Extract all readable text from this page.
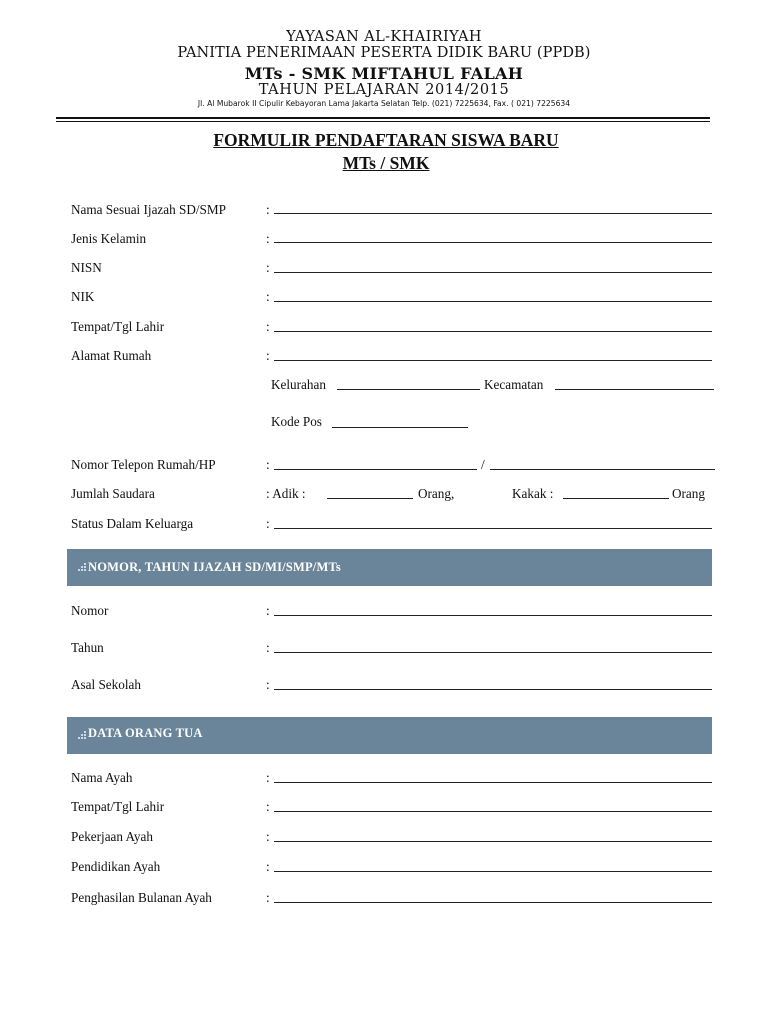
YAYASAN AL-KHAIRIYAH
PANITIA PENERIMAAN PESERTA DIDIK BARU (PPDB)
MTs - SMK MIFTAHUL FALAH
TAHUN PELAJARAN 2014/2015
Jl. Al Mubarok II Cipulir Kebayoran Lama Jakarta Selatan Telp. (021) 7225634, Fax. ( 021) 7225634
FORMULIR PENDAFTARAN SISWA BARU
MTs / SMK
Nama Sesuai Ijazah SD/SMP	:
Jenis Kelamin	:
NISN	:
NIK	:
Tempat/Tgl Lahir	:
Alamat Rumah	:
Kelurahan	Kecamatan
Kode Pos
Nomor Telepon Rumah/HP	:	/
Jumlah Saudara	: Adik :	Orang,	Kakak :	Orang
Status Dalam Keluarga	:
NOMOR, TAHUN IJAZAH SD/MI/SMP/MTs
Nomor	:
Tahun	:
Asal Sekolah	:
DATA ORANG TUA
Nama Ayah	:
Tempat/Tgl Lahir	:
Pekerjaan Ayah	:
Pendidikan Ayah	:
Penghasilan Bulanan Ayah	:
